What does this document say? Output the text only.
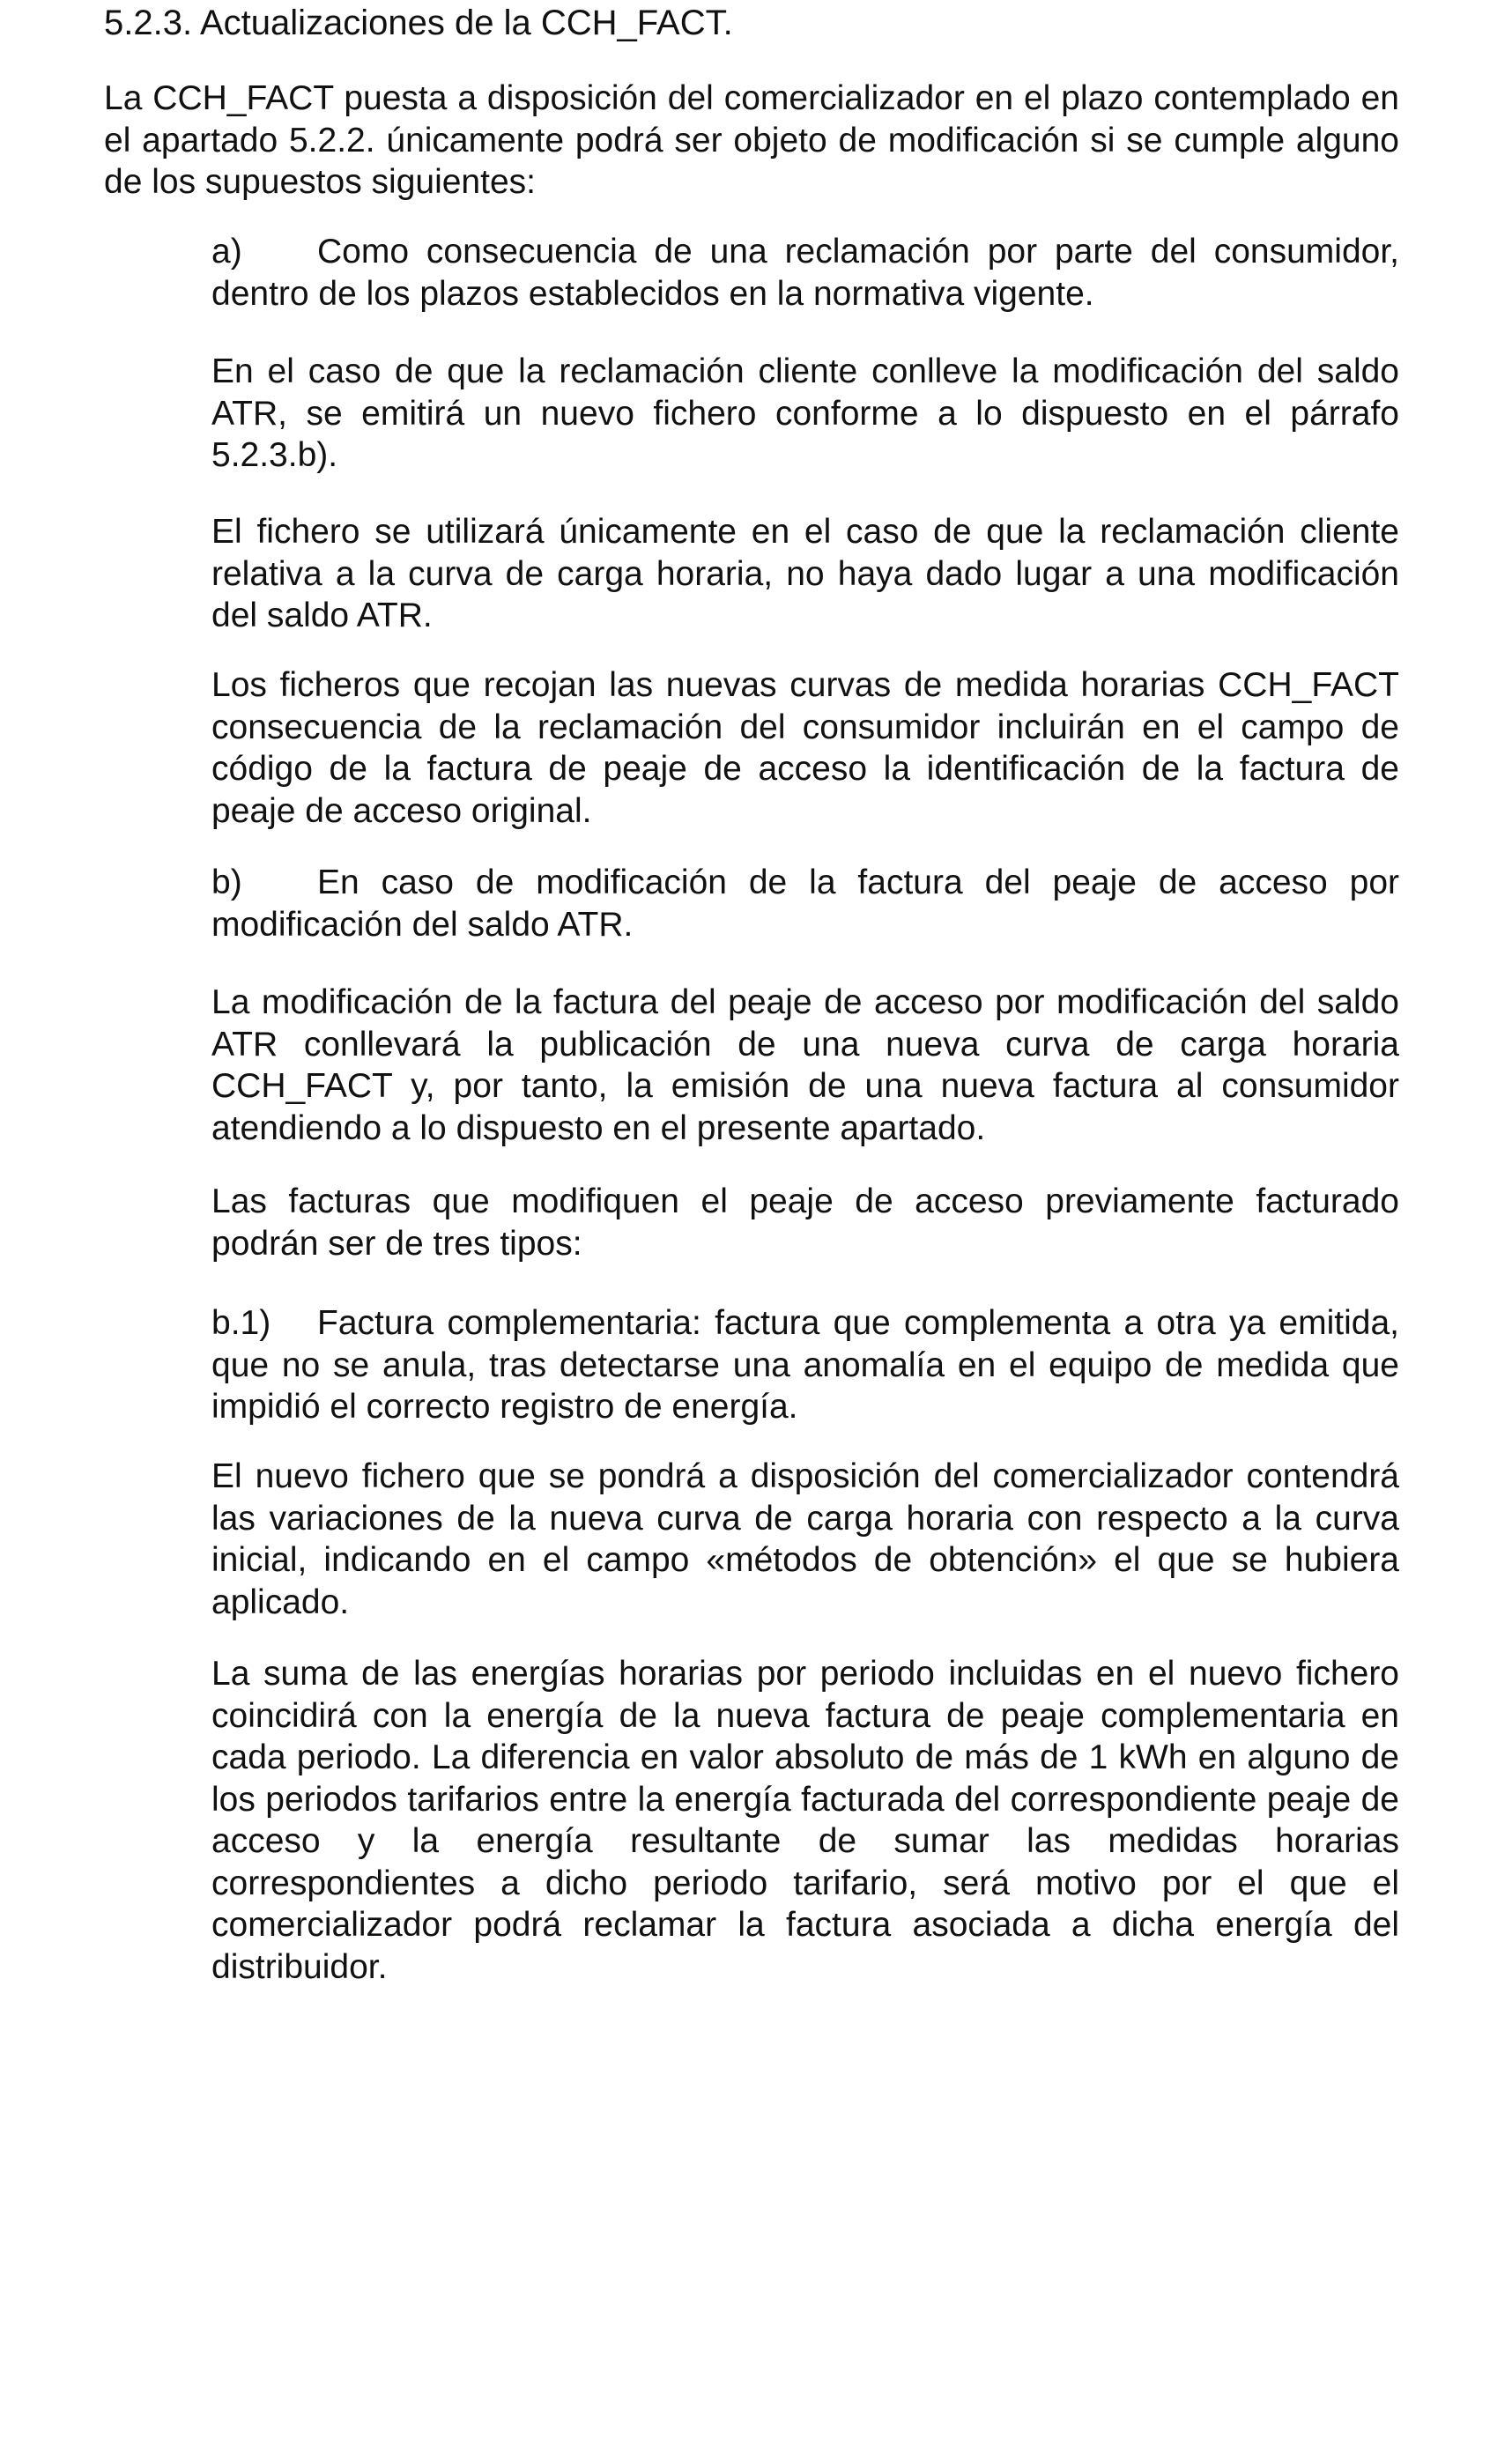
5.2.3. Actualizaciones de la CCH_FACT.

La CCH_FACT puesta a disposición del comercializador en el plazo contemplado en el apartado 5.2.2. únicamente podrá ser objeto de modificación si se cumple alguno de los supuestos siguientes:

a) Como consecuencia de una reclamación por parte del consumidor, dentro de los plazos establecidos en la normativa vigente.

En el caso de que la reclamación cliente conlleve la modificación del saldo ATR, se emitirá un nuevo fichero conforme a lo dispuesto en el párrafo 5.2.3.b).

El fichero se utilizará únicamente en el caso de que la reclamación cliente relativa a la curva de carga horaria, no haya dado lugar a una modificación del saldo ATR.

Los ficheros que recojan las nuevas curvas de medida horarias CCH_FACT consecuencia de la reclamación del consumidor incluirán en el campo de código de la factura de peaje de acceso la identificación de la factura de peaje de acceso original.

b) En caso de modificación de la factura del peaje de acceso por modificación del saldo ATR.

La modificación de la factura del peaje de acceso por modificación del saldo ATR conllevará la publicación de una nueva curva de carga horaria CCH_FACT y, por tanto, la emisión de una nueva factura al consumidor atendiendo a lo dispuesto en el presente apartado.

Las facturas que modifiquen el peaje de acceso previamente facturado podrán ser de tres tipos:

b.1) Factura complementaria: factura que complementa a otra ya emitida, que no se anula, tras detectarse una anomalía en el equipo de medida que impidió el correcto registro de energía.

El nuevo fichero que se pondrá a disposición del comercializador contendrá las variaciones de la nueva curva de carga horaria con respecto a la curva inicial, indicando en el campo «métodos de obtención» el que se hubiera aplicado.

La suma de las energías horarias por periodo incluidas en el nuevo fichero coincidirá con la energía de la nueva factura de peaje complementaria en cada periodo. La diferencia en valor absoluto de más de 1 kWh en alguno de los periodos tarifarios entre la energía facturada del correspondiente peaje de acceso y la energía resultante de sumar las medidas horarias correspondientes a dicho periodo tarifario, será motivo por el que el comercializador podrá reclamar la factura asociada a dicha energía del distribuidor.
